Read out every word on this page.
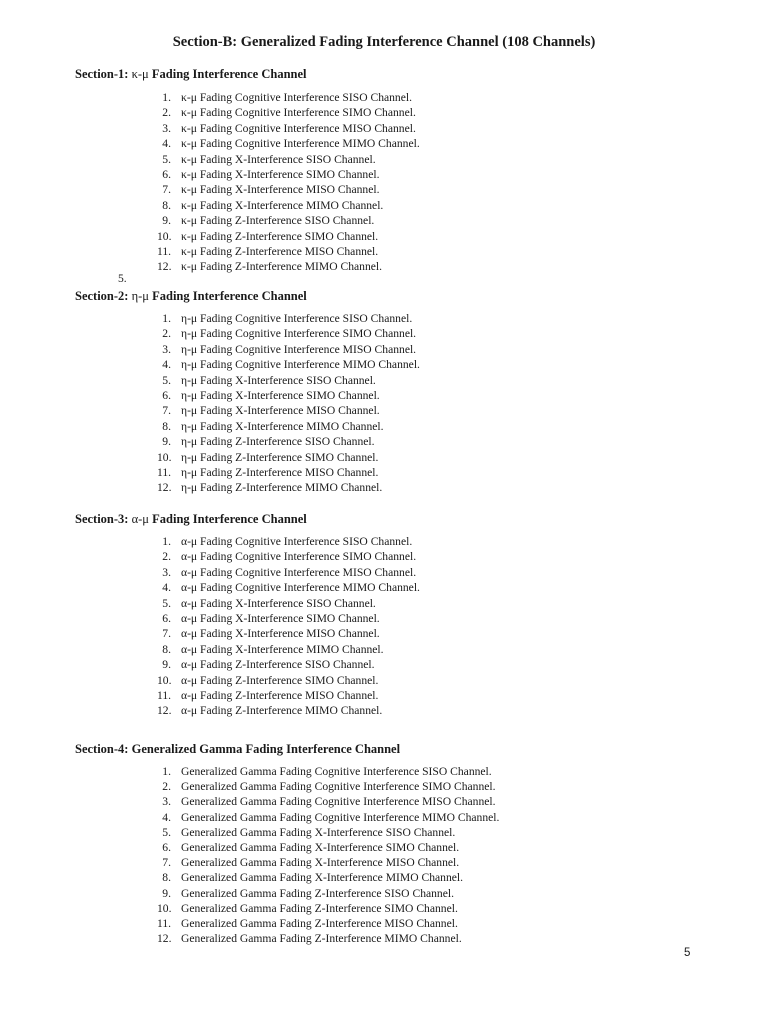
Section-B: Generalized Fading Interference Channel (108 Channels)
Section-1: κ-μ Fading Interference Channel
1. κ-μ Fading Cognitive Interference SISO Channel.
2. κ-μ Fading Cognitive Interference SIMO Channel.
3. κ-μ Fading Cognitive Interference MISO Channel.
4. κ-μ Fading Cognitive Interference MIMO Channel.
5. κ-μ Fading X-Interference SISO Channel.
6. κ-μ Fading X-Interference SIMO Channel.
7. κ-μ Fading X-Interference MISO Channel.
8. κ-μ Fading X-Interference MIMO Channel.
9. κ-μ Fading Z-Interference SISO Channel.
10. κ-μ Fading Z-Interference SIMO Channel.
11. κ-μ Fading Z-Interference MISO Channel.
12. κ-μ Fading Z-Interference MIMO Channel.
5.
Section-2: η-μ Fading Interference Channel
1. η-μ Fading Cognitive Interference SISO Channel.
2. η-μ Fading Cognitive Interference SIMO Channel.
3. η-μ Fading Cognitive Interference MISO Channel.
4. η-μ Fading Cognitive Interference MIMO Channel.
5. η-μ Fading X-Interference SISO Channel.
6. η-μ Fading X-Interference SIMO Channel.
7. η-μ Fading X-Interference MISO Channel.
8. η-μ Fading X-Interference MIMO Channel.
9. η-μ Fading Z-Interference SISO Channel.
10. η-μ Fading Z-Interference SIMO Channel.
11. η-μ Fading Z-Interference MISO Channel.
12. η-μ Fading Z-Interference MIMO Channel.
Section-3: α-μ Fading Interference Channel
1. α-μ Fading Cognitive Interference SISO Channel.
2. α-μ Fading Cognitive Interference SIMO Channel.
3. α-μ Fading Cognitive Interference MISO Channel.
4. α-μ Fading Cognitive Interference MIMO Channel.
5. α-μ Fading X-Interference SISO Channel.
6. α-μ Fading X-Interference SIMO Channel.
7. α-μ Fading X-Interference MISO Channel.
8. α-μ Fading X-Interference MIMO Channel.
9. α-μ Fading Z-Interference SISO Channel.
10. α-μ Fading Z-Interference SIMO Channel.
11. α-μ Fading Z-Interference MISO Channel.
12. α-μ Fading Z-Interference MIMO Channel.
Section-4: Generalized Gamma Fading Interference Channel
1. Generalized Gamma Fading Cognitive Interference SISO Channel.
2. Generalized Gamma Fading Cognitive Interference SIMO Channel.
3. Generalized Gamma Fading Cognitive Interference MISO Channel.
4. Generalized Gamma Fading Cognitive Interference MIMO Channel.
5. Generalized Gamma Fading X-Interference SISO Channel.
6. Generalized Gamma Fading X-Interference SIMO Channel.
7. Generalized Gamma Fading X-Interference MISO Channel.
8. Generalized Gamma Fading X-Interference MIMO Channel.
9. Generalized Gamma Fading Z-Interference SISO Channel.
10. Generalized Gamma Fading Z-Interference SIMO Channel.
11. Generalized Gamma Fading Z-Interference MISO Channel.
12. Generalized Gamma Fading Z-Interference MIMO Channel.
5
